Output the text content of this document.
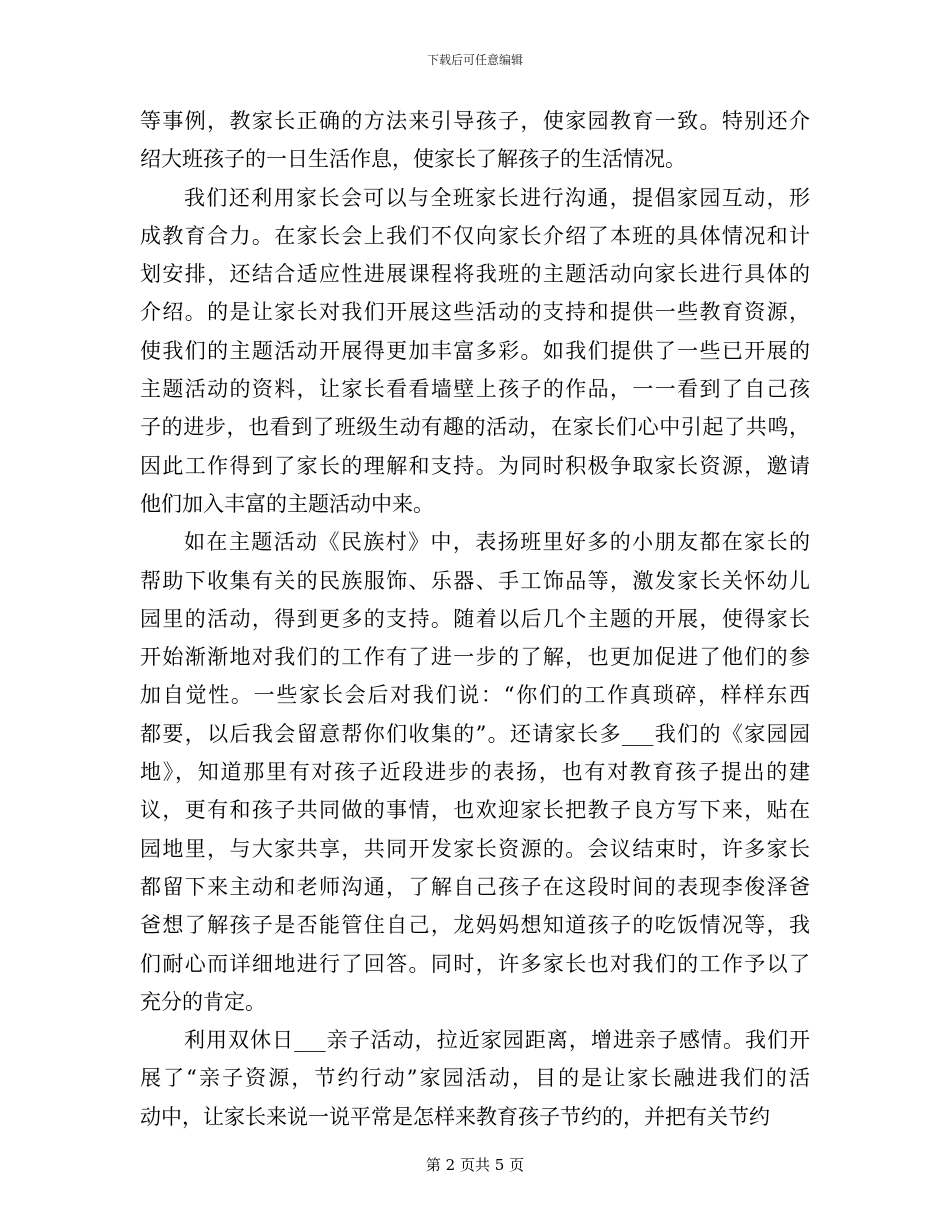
下载后可任意编辑
等事例，教家长正确的方法来引导孩子，使家园教育一致。特别还介
绍大班孩子的一日生活作息，使家长了解孩子的生活情况。
我们还利用家长会可以与全班家长进行沟通，提倡家园互动，形
成教育合力。在家长会上我们不仅向家长介绍了本班的具体情况和计
划安排，还结合适应性进展课程将我班的主题活动向家长进行具体的
介绍。的是让家长对我们开展这些活动的支持和提供一些教育资源，
使我们的主题活动开展得更加丰富多彩。如我们提供了一些已开展的
主题活动的资料，让家长看看墙壁上孩子的作品，一一看到了自己孩
子的进步，也看到了班级生动有趣的活动，在家长们心中引起了共鸣，
因此工作得到了家长的理解和支持。为同时积极争取家长资源，邀请
他们加入丰富的主题活动中来。
如在主题活动《民族村》中，表扬班里好多的小朋友都在家长的
帮助下收集有关的民族服饰、乐器、手工饰品等，激发家长关怀幼儿
园里的活动，得到更多的支持。随着以后几个主题的开展，使得家长
开始渐渐地对我们的工作有了进一步的了解，也更加促进了他们的参
加自觉性。一些家长会后对我们说：“你们的工作真琐碎，样样东西
都要，以后我会留意帮你们收集的”。还请家长多___我们的《家园园
地》，知道那里有对孩子近段进步的表扬，也有对教育孩子提出的建
议，更有和孩子共同做的事情，也欢迎家长把教子良方写下来，贴在
园地里，与大家共享，共同开发家长资源的。会议结束时，许多家长
都留下来主动和老师沟通，了解自己孩子在这段时间的表现李俊泽爸
爸想了解孩子是否能管住自己，龙妈妈想知道孩子的吃饭情况等，我
们耐心而详细地进行了回答。同时，许多家长也对我们的工作予以了
充分的肯定。
利用双休日___亲子活动，拉近家园距离，增进亲子感情。我们开
展了“亲子资源，节约行动”家园活动，目的是让家长融进我们的活
动中，让家长来说一说平常是怎样来教育孩子节约的，并把有关节约
第 2 页共 5 页
